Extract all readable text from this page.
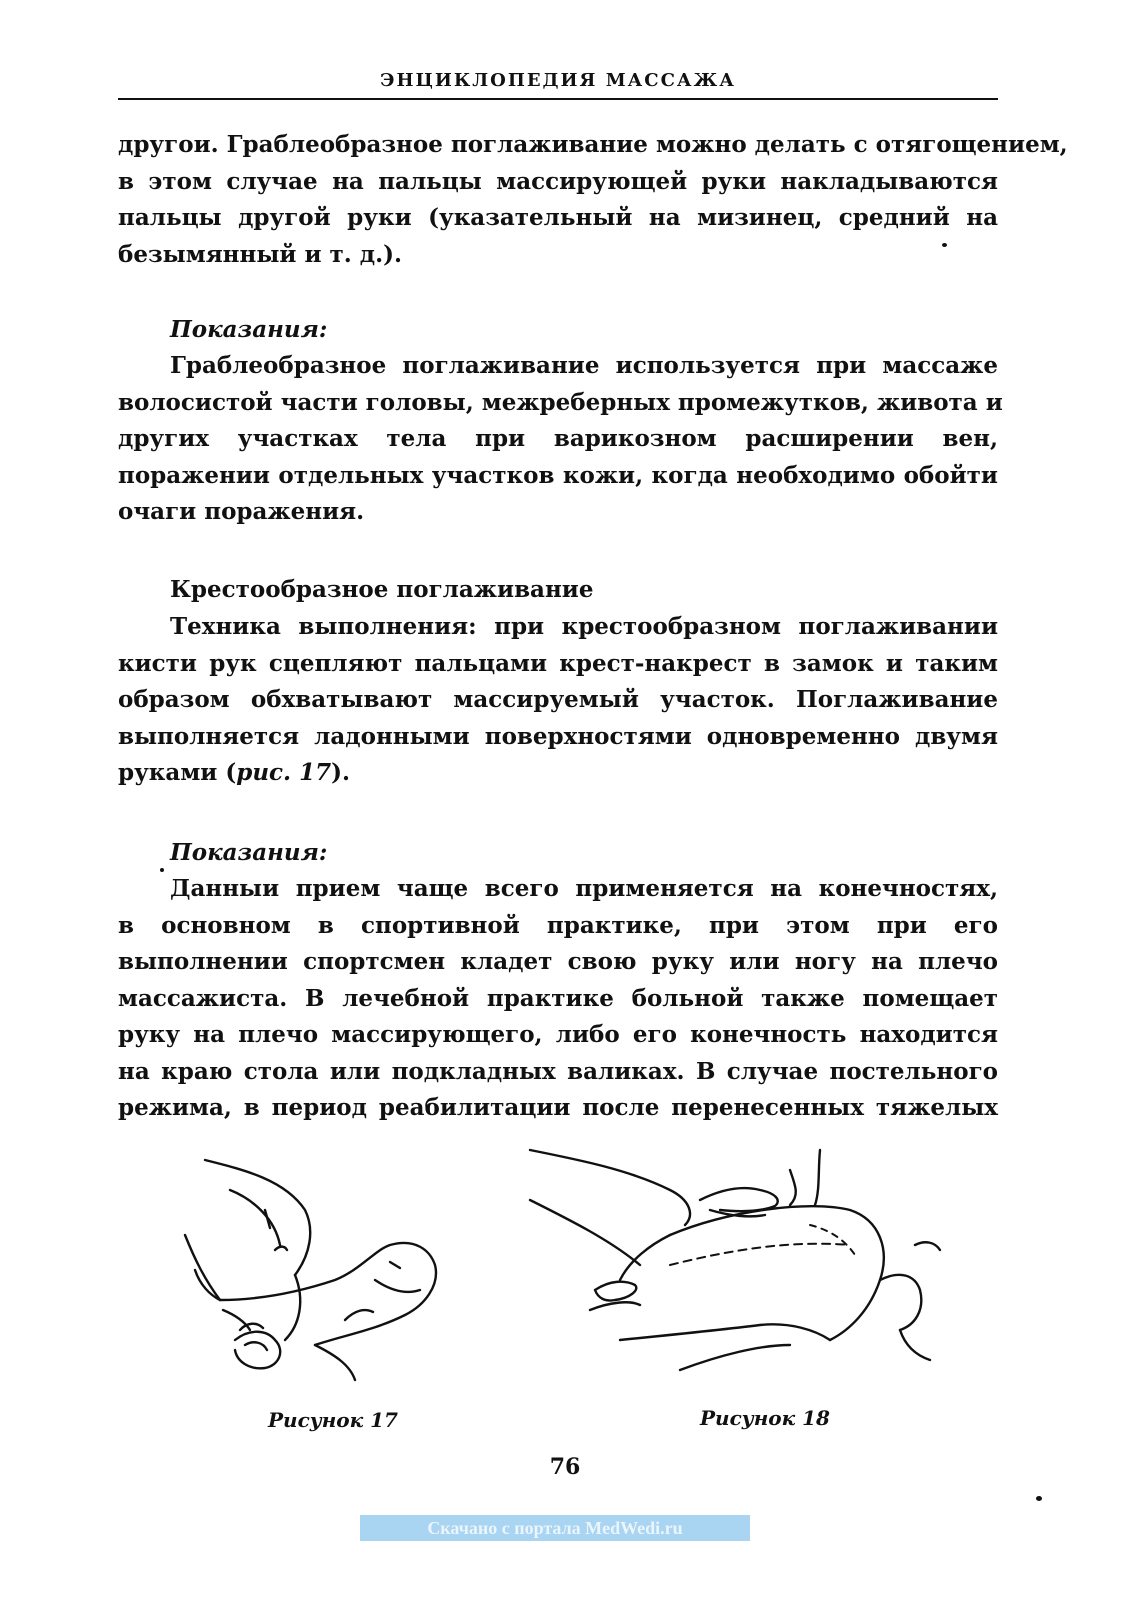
ЭНЦИКЛОПЕДИЯ МАССАЖА
другои. Граблеобразное поглаживание можно делать с отягощением,
в этом случае на пальцы массирующей руки накладываются
пальцы другой руки (указательный на мизинец, средний на
безымянный и т. д.).
Показания:
Граблеобразное поглаживание используется при массаже
волосистой части головы, межреберных промежутков, живота и
других участках тела при варикозном расширении вен,
поражении отдельных участков кожи, когда необходимо обойти
очаги поражения.
Крестообразное поглаживание
Техника выполнения: при крестообразном поглаживании
кисти рук сцепляют пальцами крест-накрест в замок и таким
образом обхватывают массируемый участок. Поглаживание
выполняется ладонными поверхностями одновременно двумя
руками (рис. 17).
Показания:
Данныи прием чаще всего применяется на конечностях,
в основном в спортивной практике, при этом при его
выполнении спортсмен кладет свою руку или ногу на плечо
массажиста. В лечебной практике больной также помещает
руку на плечо массирующего, либо его конечность находится
на краю стола или подкладных валиках. В случае постельного
режима, в период реабилитации после перенесенных тяжелых
Рисунок 17	Рисунок 18
76
Скачано с портала MedWedi.ru
